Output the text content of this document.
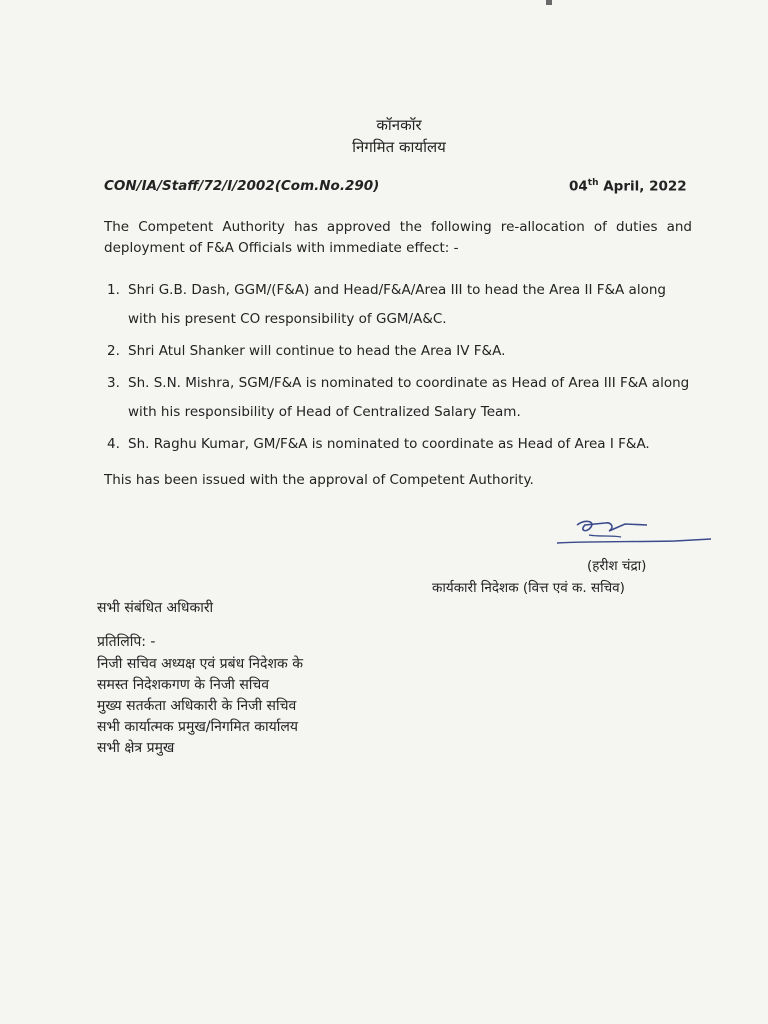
कॉनकॉर
निगमित कार्यालय
CON/IA/Staff/72/I/2002(Com.No.290)	04th April, 2022
The Competent Authority has approved the following re-allocation of duties and deployment of F&A Officials with immediate effect: -
1. Shri G.B. Dash, GGM/(F&A) and Head/F&A/Area III to head the Area II F&A along with his present CO responsibility of GGM/A&C.
2. Shri Atul Shanker will continue to head the Area IV F&A.
3. Sh. S.N. Mishra, SGM/F&A is nominated to coordinate as Head of Area III F&A along with his responsibility of Head of Centralized Salary Team.
4. Sh. Raghu Kumar, GM/F&A is nominated to coordinate as Head of Area I F&A.
This has been issued with the approval of Competent Authority.
(हरीश चंद्रा)
कार्यकारी निदेशक (वित्त एवं क. सचिव)
सभी संबंधित अधिकारी
प्रतिलिपि: -
निजी सचिव अध्यक्ष एवं प्रबंध निदेशक के
समस्त निदेशकगण के निजी सचिव
मुख्य सतर्कता अधिकारी के निजी सचिव
सभी कार्यात्मक प्रमुख/निगमित कार्यालय
सभी क्षेत्र प्रमुख
